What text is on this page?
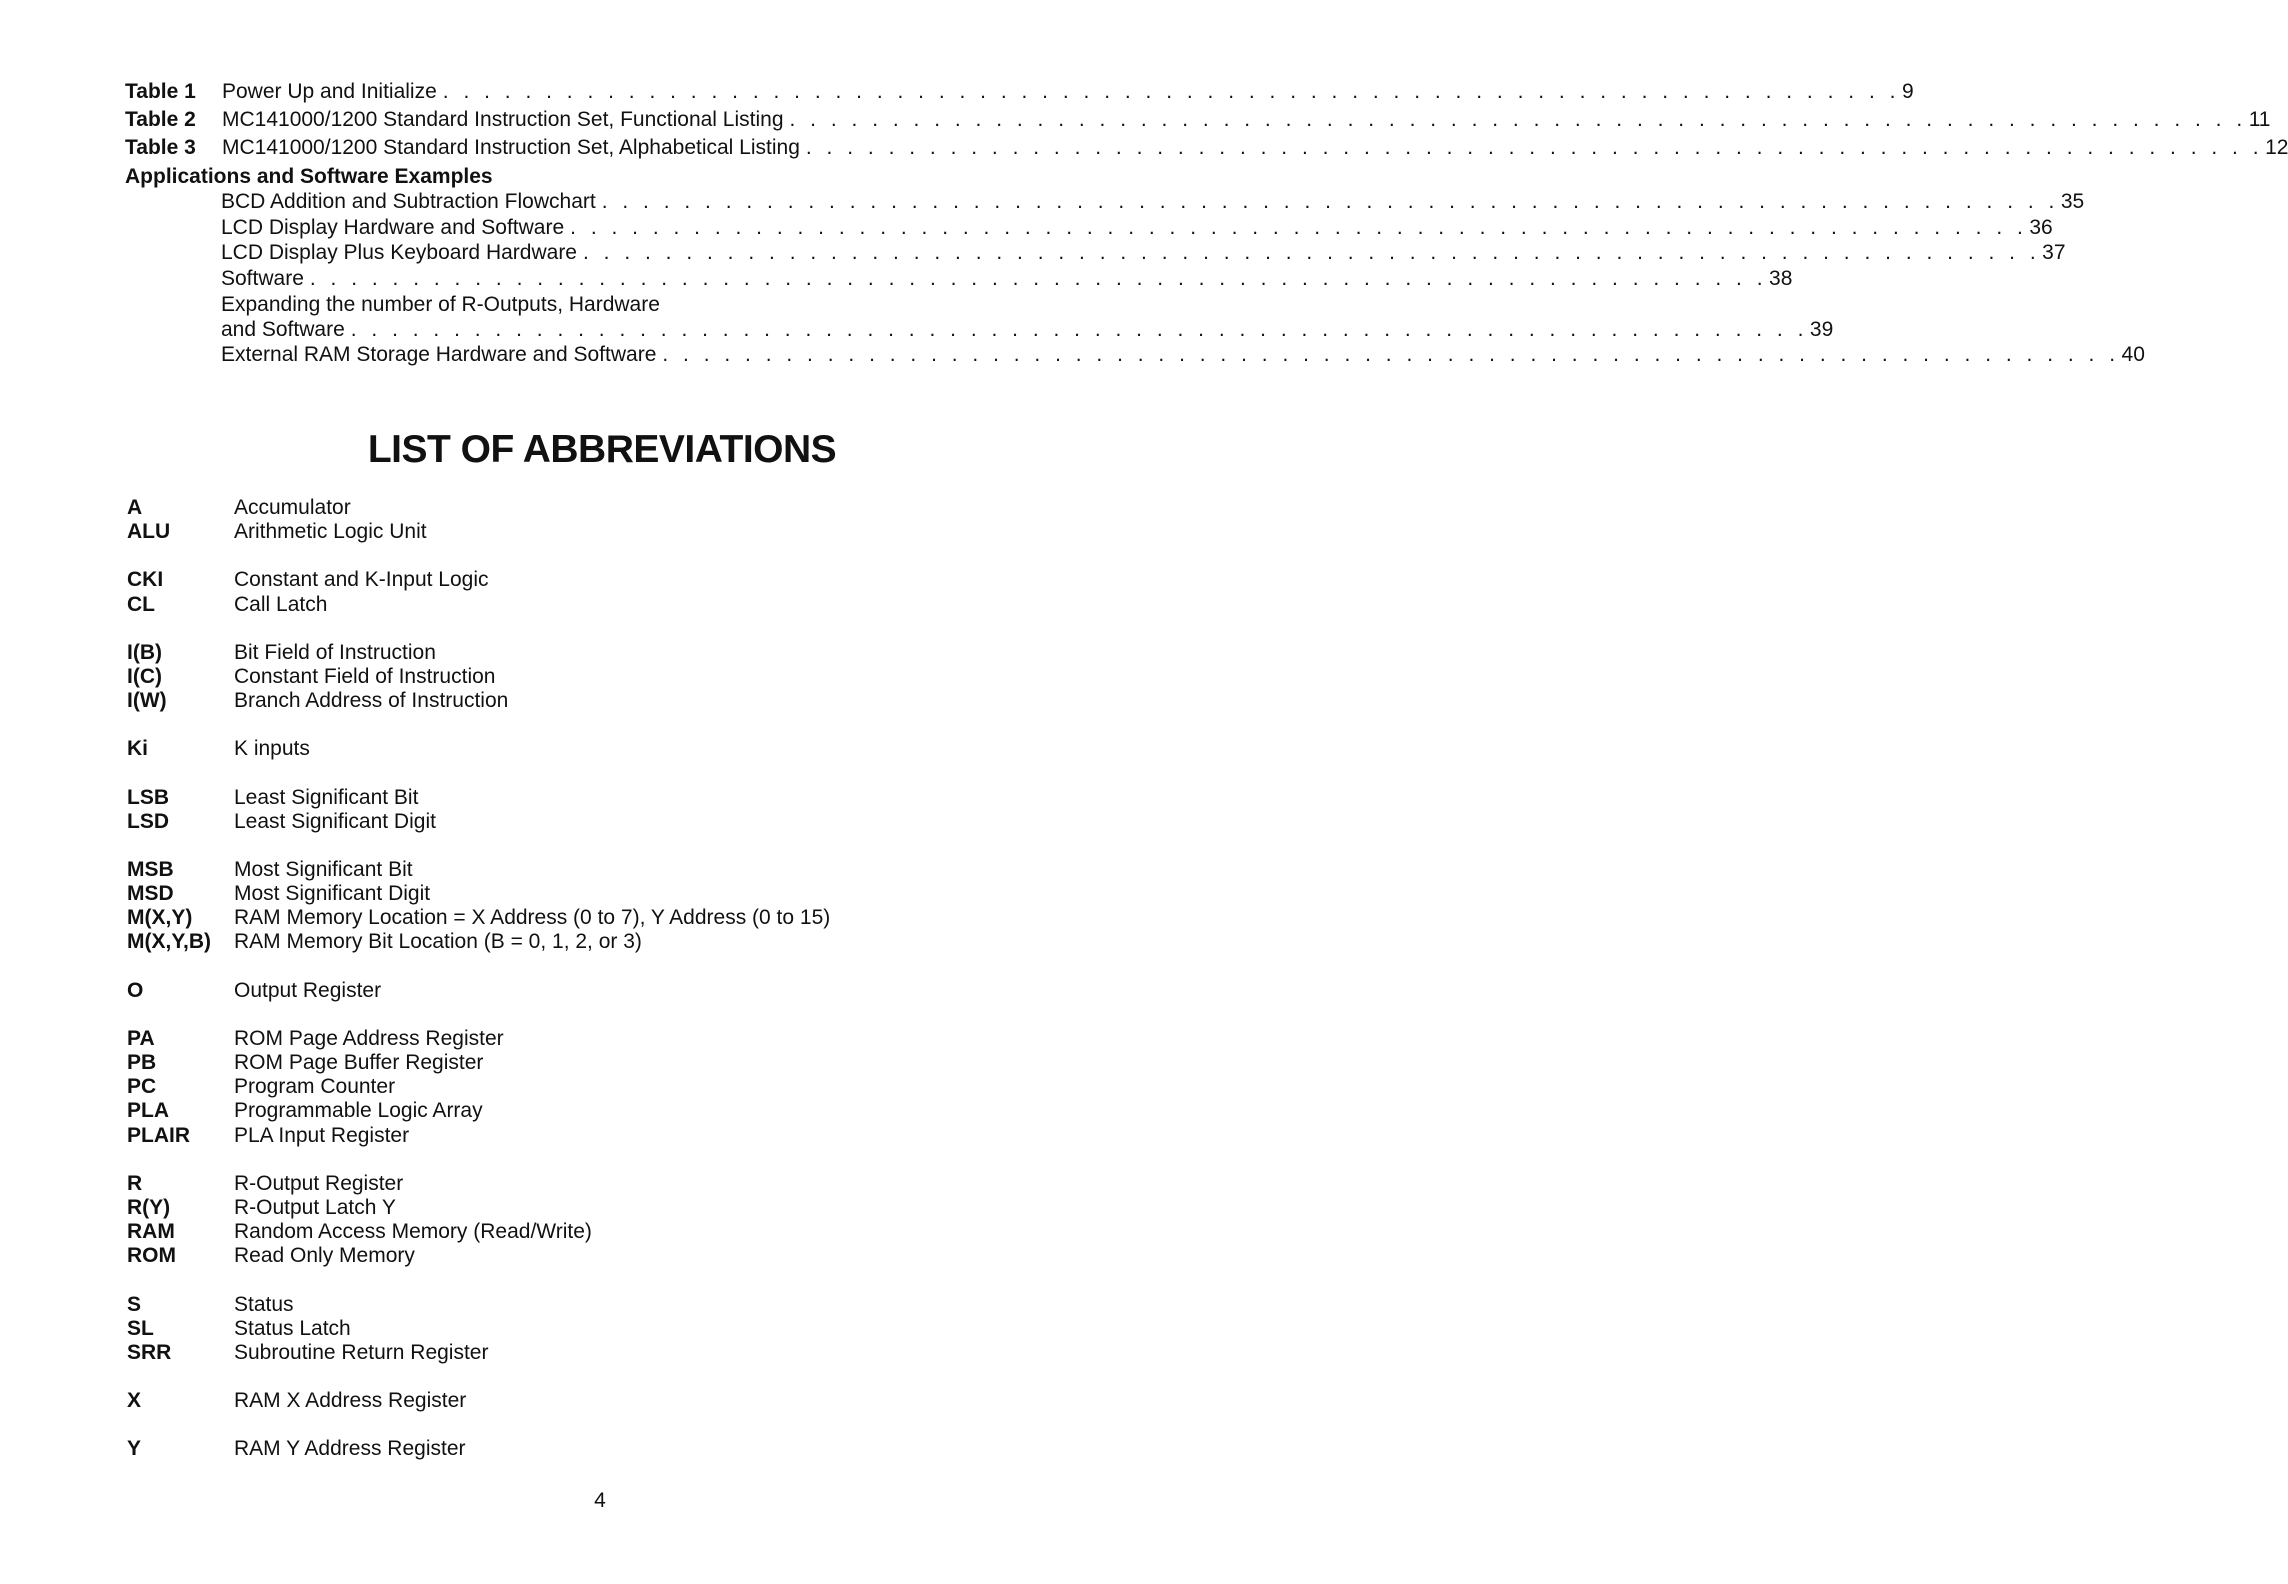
Table 1	Power Up and Initialize . . . . . . . . . . . . . . . . . . . . . . . . . . . . . . . . . . . . . . . . . . . . . . . . . . . . . . . . . . . . . . . . . . . . . . . 9
Table 2	MC141000/1200 Standard Instruction Set, Functional Listing . . . . . . . . . . . . . . . . . . . . . . . . . . . . . . . . . . . . . . . . . . . . . . . . . . . . . . . . . . . . . . . . . . . . . . . 11
Table 3	MC141000/1200 Standard Instruction Set, Alphabetical Listing . . . . . . . . . . . . . . . . . . . . . . . . . . . . . . . . . . . . . . . . . . . . . . . . . . . . . . . . . . . . . . . . . . . . . . . 12
Applications and Software Examples
BCD Addition and Subtraction Flowchart . . . . . . . . . . . . . . . . . . . . . . . . . . . . . . . . . . . . . . . . . . . . . . . . . . . . . . . . . . . . . . . . . . . . . . . 35
LCD Display Hardware and Software . . . . . . . . . . . . . . . . . . . . . . . . . . . . . . . . . . . . . . . . . . . . . . . . . . . . . . . . . . . . . . . . . . . . . . . 36
LCD Display Plus Keyboard Hardware . . . . . . . . . . . . . . . . . . . . . . . . . . . . . . . . . . . . . . . . . . . . . . . . . . . . . . . . . . . . . . . . . . . . . . . 37
Software . . . . . . . . . . . . . . . . . . . . . . . . . . . . . . . . . . . . . . . . . . . . . . . . . . . . . . . . . . . . . . . . . . . . . . . 38
Expanding the number of R-Outputs, Hardware
and Software . . . . . . . . . . . . . . . . . . . . . . . . . . . . . . . . . . . . . . . . . . . . . . . . . . . . . . . . . . . . . . . . . . . . . . . 39
External RAM Storage Hardware and Software . . . . . . . . . . . . . . . . . . . . . . . . . . . . . . . . . . . . . . . . . . . . . . . . . . . . . . . . . . . . . . . . . . . . . . . 40
LIST OF ABBREVIATIONS
A	Accumulator
ALU	Arithmetic Logic Unit
CKI	Constant and K-Input Logic
CL	Call Latch
I(B)	Bit Field of Instruction
I(C)	Constant Field of Instruction
I(W)	Branch Address of Instruction
Ki	K inputs
LSB	Least Significant Bit
LSD	Least Significant Digit
MSB	Most Significant Bit
MSD	Most Significant Digit
M(X,Y)	RAM Memory Location = X Address (0 to 7), Y Address (0 to 15)
M(X,Y,B)	RAM Memory Bit Location (B = 0, 1, 2, or 3)
O	Output Register
PA	ROM Page Address Register
PB	ROM Page Buffer Register
PC	Program Counter
PLA	Programmable Logic Array
PLAIR	PLA Input Register
R	R-Output Register
R(Y)	R-Output Latch Y
RAM	Random Access Memory (Read/Write)
ROM	Read Only Memory
S	Status
SL	Status Latch
SRR	Subroutine Return Register
X	RAM X Address Register
Y	RAM Y Address Register
4
